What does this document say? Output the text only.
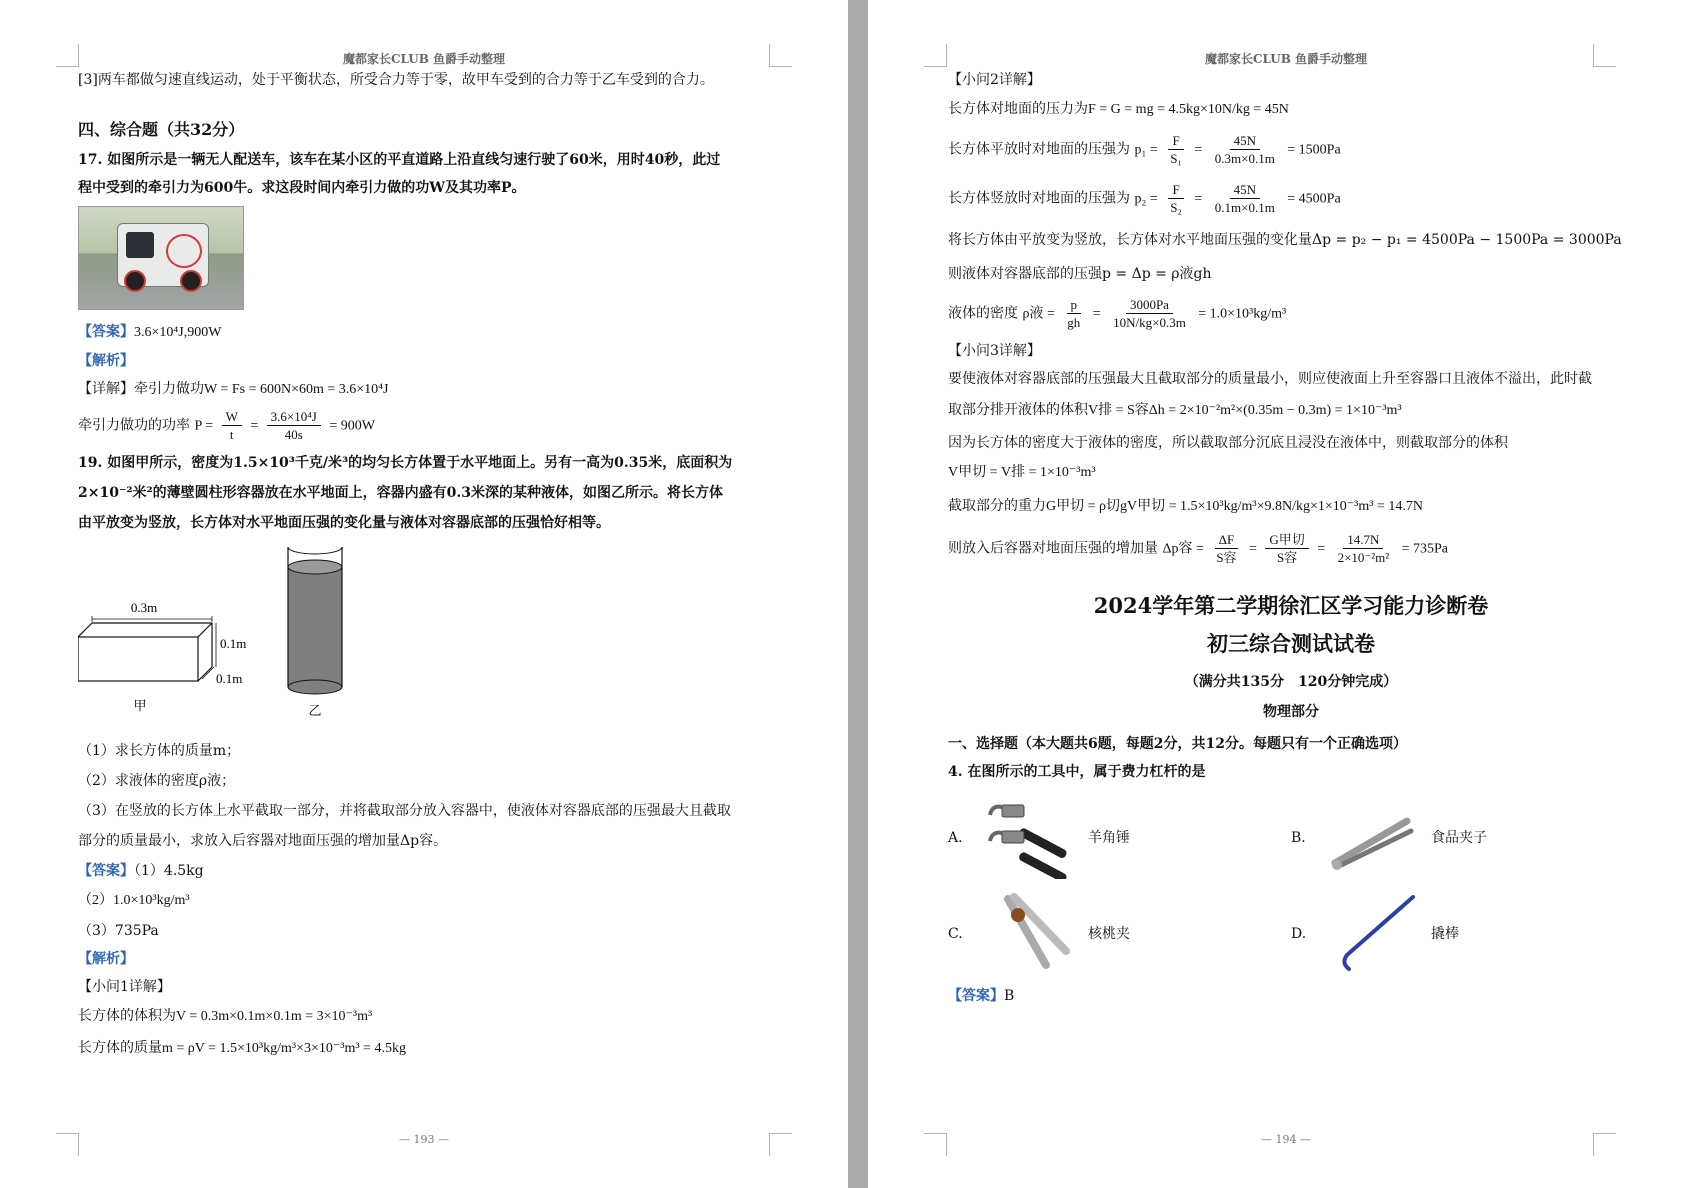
魔都家长CLUB 鱼爵手动整理

[3]两车都做匀速直线运动，处于平衡状态，所受合力等于零，故甲车受到的合力等于乙车受到的合力。

四、综合题（共32分）

17. 如图所示是一辆无人配送车，该车在某小区的平直道路上沿直线匀速行驶了60米，用时40秒，此过

程中受到的牵引力为600牛。求这段时间内牵引力做的功W及其功率P。

【答案】3.6×10⁴J,900W

【解析】

【详解】牵引力做功W = Fs = 600N×60m = 3.6×10⁴J

牵引力做功的功率 $P = \frac{W}{t} = \frac{\text{3.6×10⁴J}}{40s} = 900W$

19. 如图甲所示，密度为1.5×10³千克/米³的均匀长方体置于水平地面上。另有一高为0.35米，底面积为

2×10⁻²米²的薄壁圆柱形容器放在水平地面上，容器内盛有0.3米深的某种液体，如图乙所示。将长方体

由平放变为竖放，长方体对水平地面压强的变化量与液体对容器底部的压强恰好相等。

0.3m
0.1m
0.1m
甲	乙

（1）求长方体的质量m；

（2）求液体的密度ρ液；

（3）在竖放的长方体上水平截取一部分，并将截取部分放入容器中，使液体对容器底部的压强最大且截取

部分的质量最小，求放入后容器对地面压强的增加量Δp容。

【答案】（1）4.5kg

（2）1.0×10³kg/m³

（3）735Pa

【解析】

【小问1详解】

长方体的体积为V = 0.3m×0.1m×0.1m = 3×10⁻³m³

长方体的质量m = ρV = 1.5×10³kg/m³×3×10⁻³m³ = 4.5kg

— 193 —
魔都家长CLUB 鱼爵手动整理

【小问2详解】

长方体对地面的压力为F = G = mg = 4.5kg×10N/kg = 45N

长方体平放时对地面的压强为 $p_1 = \frac{F}{\text{S₁}} = \frac{45N}{0.3m\times 0.1m} = 1500Pa$

长方体竖放时对地面的压强为 $p_2 = \frac{F}{\text{S₂}} = \frac{45N}{0.1m\times 0.1m} = 4500Pa$

将长方体由平放变为竖放，长方体对水平地面压强的变化量Δp = p₂ − p₁ = 4500Pa − 1500Pa = 3000Pa

则液体对容器底部的压强p = Δp = ρ液gh

液体的密度 ρ液 = $\frac{p}{gh} = \frac{3000Pa}{10N/kg\times 0.3m} = 1.0\times 10^3kg/m^3$

【小问3详解】

要使液体对容器底部的压强最大且截取部分的质量最小，则应使液面上升至容器口且液体不溢出，此时截

取部分排开液体的体积V排 = S容Δh = 2×10⁻²m²×(0.35m − 0.3m) = 1×10⁻³m³

因为长方体的密度大于液体的密度，所以截取部分沉底且浸没在液体中，则截取部分的体积

V甲切 = V排 = 1×10⁻³m³

截取部分的重力G甲切 = ρ切gV甲切 = 1.5×10³kg/m³×9.8N/kg×1×10⁻³m³ = 14.7N

则放入后容器对地面压强的增加量 Δp容 = $\frac{\Delta F}{\text{S容}} = \frac{\text{G甲切}}{\text{S容}} = \frac{14.7N}{\text{2×10⁻²m²}} = 735Pa$

2024学年第二学期徐汇区学习能力诊断卷

初三综合测试试卷

（满分共135分　120分钟完成）

物理部分

一、选择题（本大题共6题，每题2分，共12分。每题只有一个正确选项）

4. 在图所示的工具中，属于费力杠杆的是

A.	羊角锤	B.	食品夹子
C.	核桃夹	D.	撬棒

【答案】B

— 194 —
